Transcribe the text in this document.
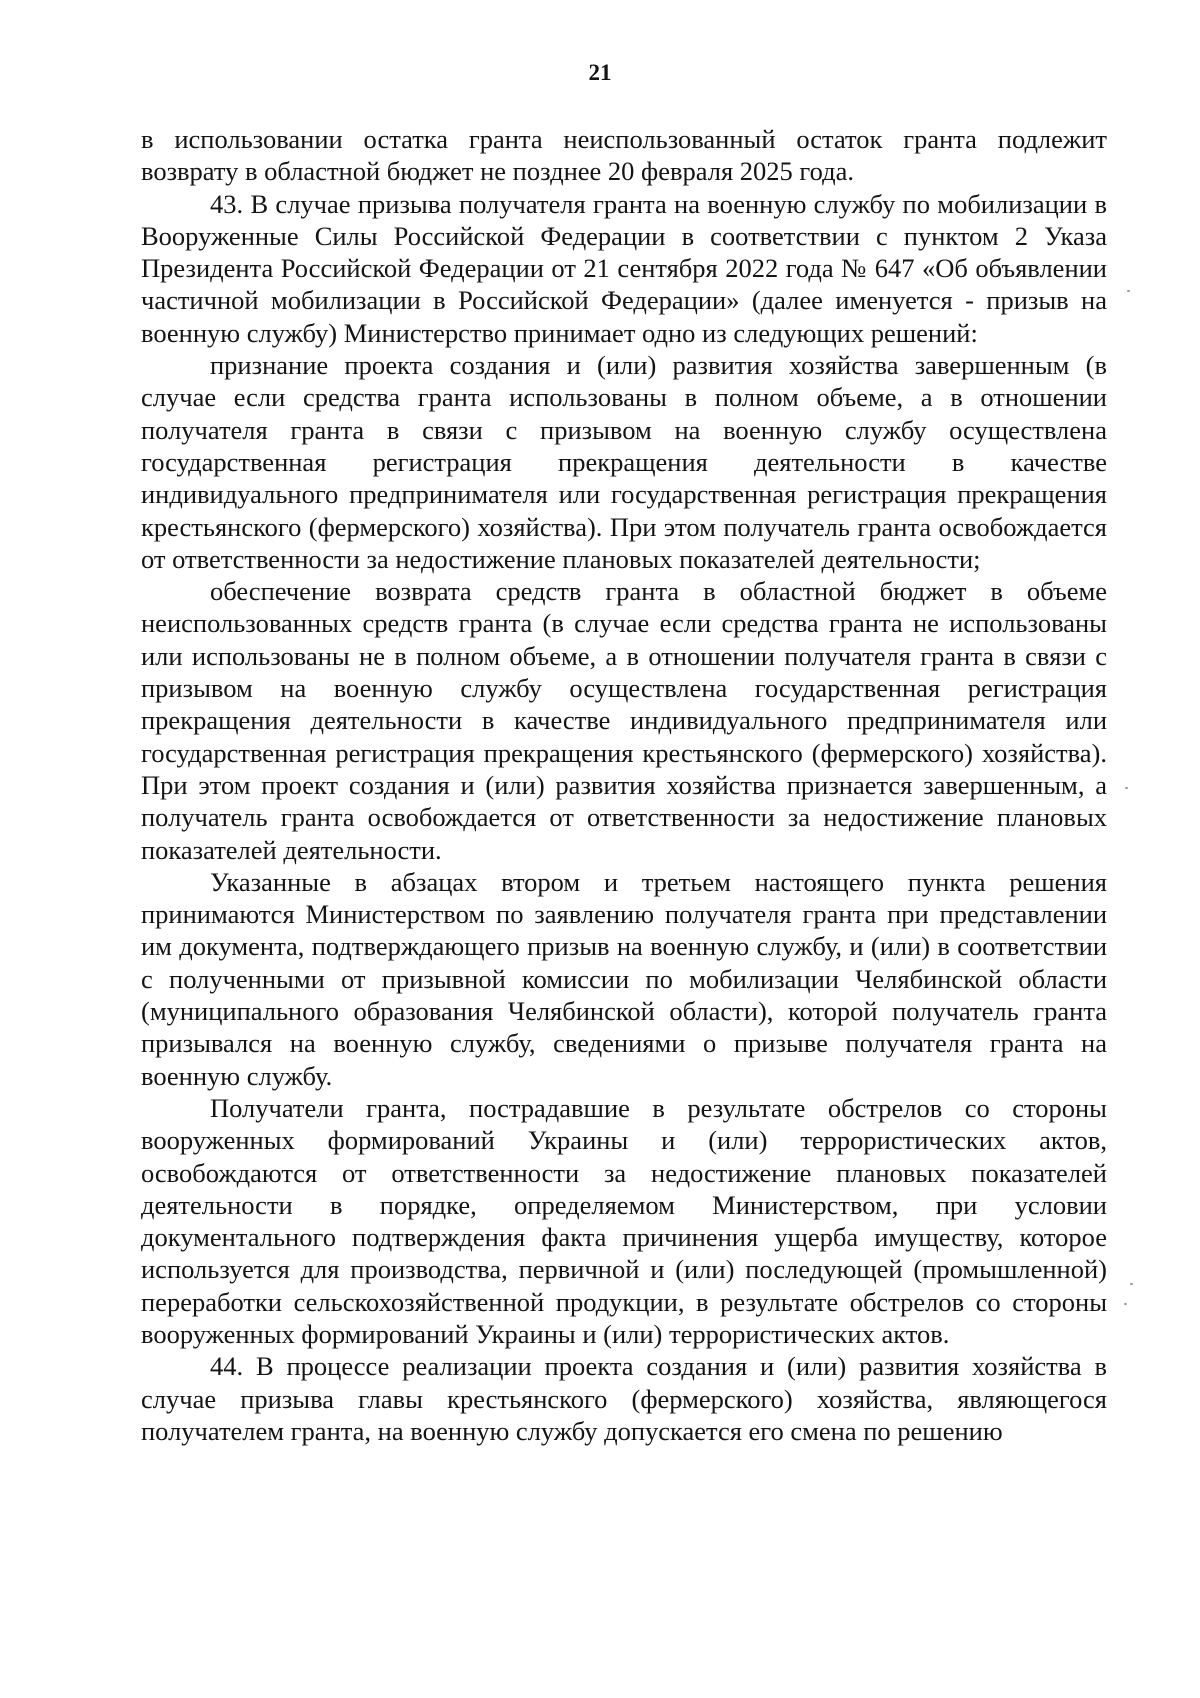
21

в использовании остатка гранта неиспользованный остаток гранта подлежит возврату в областной бюджет не позднее 20 февраля 2025 года.

43. В случае призыва получателя гранта на военную службу по мобилизации в Вооруженные Силы Российской Федерации в соответствии с пунктом 2 Указа Президента Российской Федерации от 21 сентября 2022 года № 647 «Об объявлении частичной мобилизации в Российской Федерации» (далее именуется - призыв на военную службу) Министерство принимает одно из следующих решений:

признание проекта создания и (или) развития хозяйства завершенным (в случае если средства гранта использованы в полном объеме, а в отношении получателя гранта в связи с призывом на военную службу осуществлена государственная регистрация прекращения деятельности в качестве индивидуального предпринимателя или государственная регистрация прекращения крестьянского (фермерского) хозяйства). При этом получатель гранта освобождается от ответственности за недостижение плановых показателей деятельности;

обеспечение возврата средств гранта в областной бюджет в объеме неиспользованных средств гранта (в случае если средства гранта не использованы или использованы не в полном объеме, а в отношении получателя гранта в связи с призывом на военную службу осуществлена государственная регистрация прекращения деятельности в качестве индивидуального предпринимателя или государственная регистрация прекращения крестьянского (фермерского) хозяйства). При этом проект создания и (или) развития хозяйства признается завершенным, а получатель гранта освобождается от ответственности за недостижение плановых показателей деятельности.

Указанные в абзацах втором и третьем настоящего пункта решения принимаются Министерством по заявлению получателя гранта при представлении им документа, подтверждающего призыв на военную службу, и (или) в соответствии с полученными от призывной комиссии по мобилизации Челябинской области (муниципального образования Челябинской области), которой получатель гранта призывался на военную службу, сведениями о призыве получателя гранта на военную службу.

Получатели гранта, пострадавшие в результате обстрелов со стороны вооруженных формирований Украины и (или) террористических актов, освобождаются от ответственности за недостижение плановых показателей деятельности в порядке, определяемом Министерством, при условии документального подтверждения факта причинения ущерба имуществу, которое используется для производства, первичной и (или) последующей (промышленной) переработки сельскохозяйственной продукции, в результате обстрелов со стороны вооруженных формирований Украины и (или) террористических актов.

44. В процессе реализации проекта создания и (или) развития хозяйства в случае призыва главы крестьянского (фермерского) хозяйства, являющегося получателем гранта, на военную службу допускается его смена по решению
